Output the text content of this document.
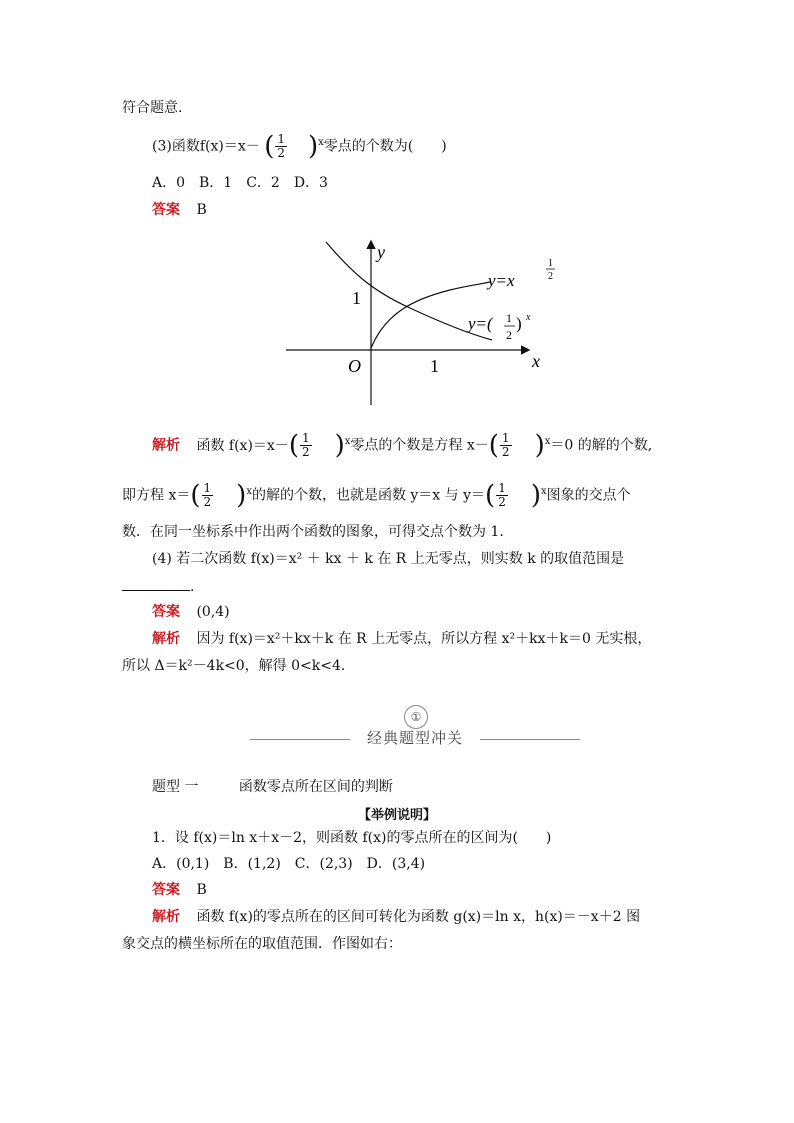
符合题意.
(3)函数f(x)＝x－ ( $\frac{1}{2} )^x$零点的个数为(　　)
A．0　B．1　C．2　D．3
答案 B
y
x
O	1
1
y=x
1
2
y=( 1
2
) x
解析 函数 $f(x)=x-( \frac{1}{2} )^x$零点的个数是方程 $x-( \frac{1}{2} )^x=0$ 的解的个数,
即方程 $x=( \frac{1}{2} )^x$的解的个数，也就是函数 y＝x 与 $y=( \frac{1}{2} )^x$图象的交点个
数．在同一坐标系中作出两个函数的图象，可得交点个数为 1.
(4) 若二次函数 f(x)＝x² ＋ kx ＋ k 在 R 上无零点，则实数 k 的取值范围是
.
答案 (0,4)
解析 因为 f(x)＝x²＋kx＋k 在 R 上无零点，所以方程 x²＋kx＋k＝0 无实根，
所以 Δ＝k²－4k<0，解得 0<k<4.
①
经典题型冲关
题型 一	函数零点所在区间的判断
【举例说明】
1．设 f(x)＝ln x＋x－2，则函数 f(x)的零点所在的区间为(　　)
A．(0,1)　B．(1,2)　C．(2,3)　D．(3,4)
答案 B
解析 函数 f(x)的零点所在的区间可转化为函数 g(x)＝ln x，h(x)＝－x＋2 图
象交点的横坐标所在的取值范围．作图如右：
